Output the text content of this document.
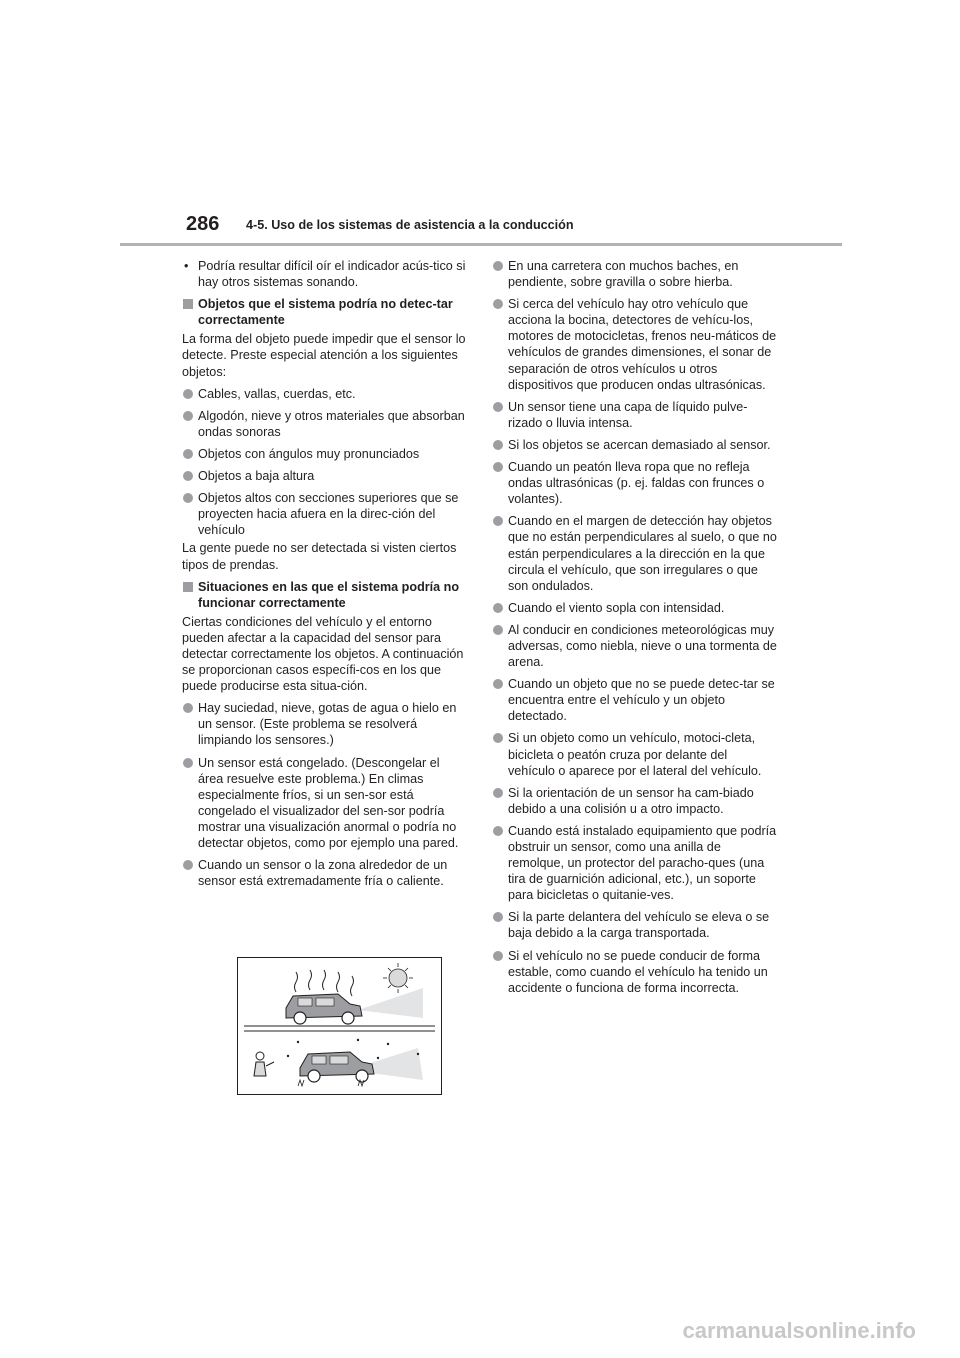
286 4-5. Uso de los sistemas de asistencia a la conducción
• Podría resultar difícil oír el indicador acús-tico si hay otros sistemas sonando.
Objetos que el sistema podría no detec-tar correctamente
La forma del objeto puede impedir que el sensor lo detecte. Preste especial atención a los siguientes objetos:
Cables, vallas, cuerdas, etc.
Algodón, nieve y otros materiales que absorban ondas sonoras
Objetos con ángulos muy pronunciados
Objetos a baja altura
Objetos altos con secciones superiores que se proyecten hacia afuera en la direc-ción del vehículo
La gente puede no ser detectada si visten ciertos tipos de prendas.
Situaciones en las que el sistema podría no funcionar correctamente
Ciertas condiciones del vehículo y el entorno pueden afectar a la capacidad del sensor para detectar correctamente los objetos. A continuación se proporcionan casos específi-cos en los que puede producirse esta situa-ción.
Hay suciedad, nieve, gotas de agua o hielo en un sensor. (Este problema se resolverá limpiando los sensores.)
Un sensor está congelado. (Descongelar el área resuelve este problema.) En climas especialmente fríos, si un sen-sor está congelado el visualizador del sen-sor podría mostrar una visualización anormal o podría no detectar objetos, como por ejemplo una pared.
Cuando un sensor o la zona alrededor de un sensor está extremadamente fría o caliente.
En una carretera con muchos baches, en pendiente, sobre gravilla o sobre hierba.
Si cerca del vehículo hay otro vehículo que acciona la bocina, detectores de vehícu-los, motores de motocicletas, frenos neu-máticos de vehículos de grandes dimensiones, el sonar de separación de otros vehículos u otros dispositivos que producen ondas ultrasónicas.
Un sensor tiene una capa de líquido pulve-rizado o lluvia intensa.
Si los objetos se acercan demasiado al sensor.
Cuando un peatón lleva ropa que no refleja ondas ultrasónicas (p. ej. faldas con frunces o volantes).
Cuando en el margen de detección hay objetos que no están perpendiculares al suelo, o que no están perpendiculares a la dirección en la que circula el vehículo, que son irregulares o que son ondulados.
Cuando el viento sopla con intensidad.
Al conducir en condiciones meteorológicas muy adversas, como niebla, nieve o una tormenta de arena.
Cuando un objeto que no se puede detec-tar se encuentra entre el vehículo y un objeto detectado.
Si un objeto como un vehículo, motoci-cleta, bicicleta o peatón cruza por delante del vehículo o aparece por el lateral del vehículo.
Si la orientación de un sensor ha cam-biado debido a una colisión u a otro impacto.
Cuando está instalado equipamiento que podría obstruir un sensor, como una anilla de remolque, un protector del paracho-ques (una tira de guarnición adicional, etc.), un soporte para bicicletas o quitanie-ves.
Si la parte delantera del vehículo se eleva o se baja debido a la carga transportada.
Si el vehículo no se puede conducir de forma estable, como cuando el vehículo ha tenido un accidente o funciona de forma incorrecta.
carmanualsonline.info
